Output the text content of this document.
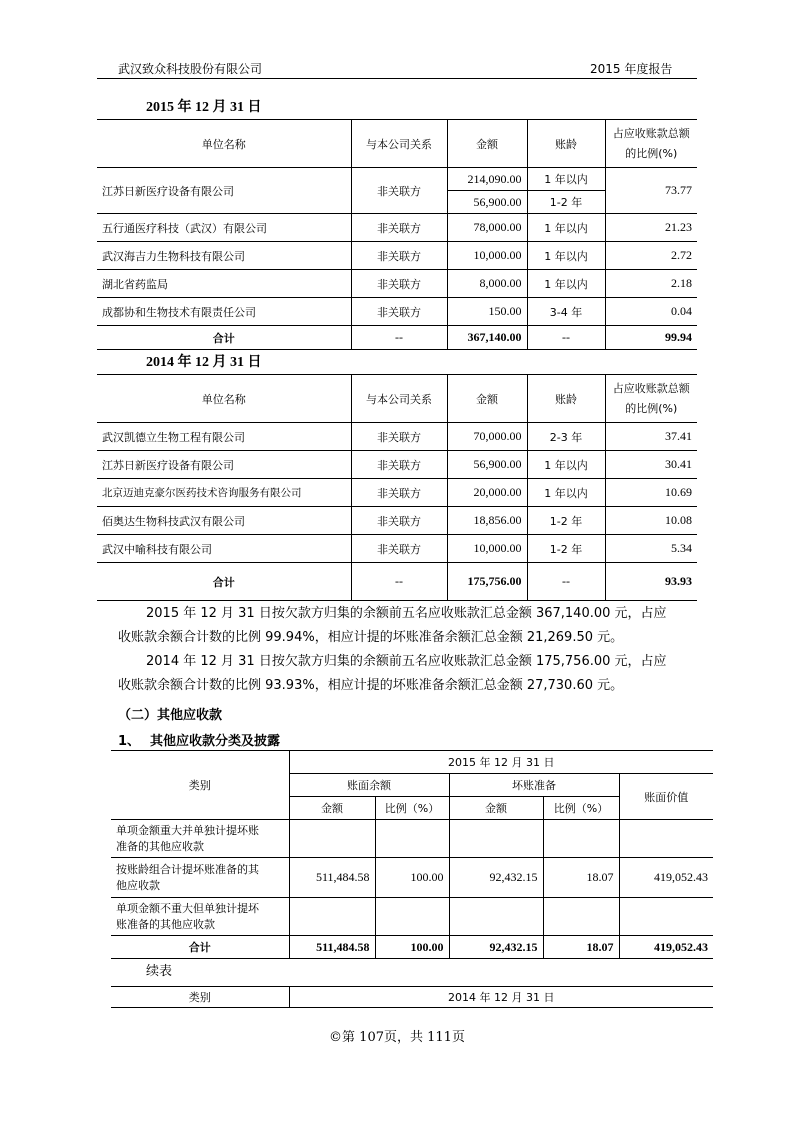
武汉致众科技股份有限公司	2015 年度报告
2015 年 12 月 31 日
单位名称	与本公司关系	金额	账龄	占应收账款总额的比例(%)
江苏日新医疗设备有限公司	非关联方	214,090.00	1 年以内	73.77
		56,900.00	1-2 年	
五行通医疗科技（武汉）有限公司	非关联方	78,000.00	1 年以内	21.23
武汉海吉力生物科技有限公司	非关联方	10,000.00	1 年以内	2.72
湖北省药监局	非关联方	8,000.00	1 年以内	2.18
成都协和生物技术有限责任公司	非关联方	150.00	3-4 年	0.04
合计	--	367,140.00	--	99.94
2014 年 12 月 31 日
单位名称	与本公司关系	金额	账龄	占应收账款总额的比例(%)
武汉凯德立生物工程有限公司	非关联方	70,000.00	2-3 年	37.41
江苏日新医疗设备有限公司	非关联方	56,900.00	1 年以内	30.41
北京迈迪克豪尔医药技术咨询服务有限公司	非关联方	20,000.00	1 年以内	10.69
佰奥达生物科技武汉有限公司	非关联方	18,856.00	1-2 年	10.08
武汉中喻科技有限公司	非关联方	10,000.00	1-2 年	5.34
合计	--	175,756.00	--	93.93
2015 年 12 月 31 日按欠款方归集的余额前五名应收账款汇总金额 367,140.00 元，占应
收账款余额合计数的比例 99.94%，相应计提的坏账准备余额汇总金额 21,269.50 元。
2014 年 12 月 31 日按欠款方归集的余额前五名应收账款汇总金额 175,756.00 元，占应
收账款余额合计数的比例 93.93%，相应计提的坏账准备余额汇总金额 27,730.60 元。
（二）其他应收款
1、 其他应收款分类及披露
类别	2015 年 12 月 31 日				
	账面余额		坏账准备		账面价值
	金额	比例（%）	金额	比例（%）	
单项金额重大并单独计提坏账
准备的其他应收款					
按账龄组合计提坏账准备的其
他应收款	511,484.58	100.00	92,432.15	18.07	419,052.43
单项金额不重大但单独计提坏
账准备的其他应收款					
合计	511,484.58	100.00	92,432.15	18.07	419,052.43
续表
类别	2014 年 12 月 31 日
©第 107页，共 111页
